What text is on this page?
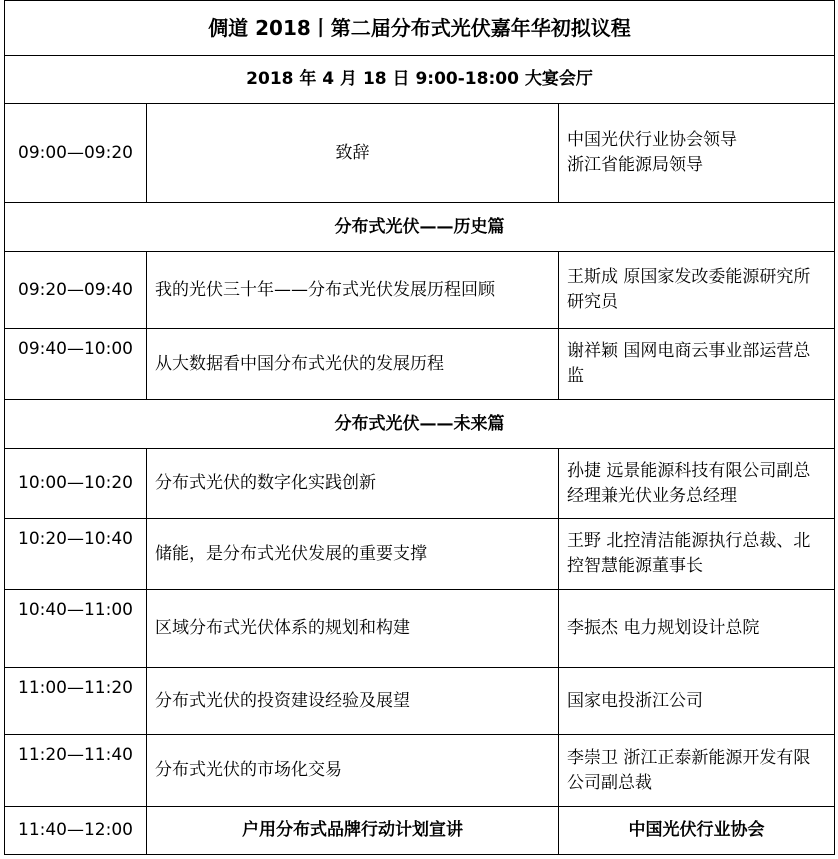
倜道 2018丨第二届分布式光伏嘉年华初拟议程		
2018 年 4 月 18 日 9:00-18:00 大宴会厅		
09:00—09:20	致辞	中国光伏行业协会领导
浙江省能源局领导

分布式光伏——历史篇		
09:20—09:40	我的光伏三十年——分布式光伏发展历程回顾	王斯成 原国家发改委能源研究所研究员
09:40—10:00	从大数据看中国分布式光伏的发展历程	谢祥颖 国网电商云事业部运营总监
分布式光伏——未来篇		
10:00—10:20	分布式光伏的数字化实践创新	孙捷 远景能源科技有限公司副总经理兼光伏业务总经理
10:20—10:40	储能，是分布式光伏发展的重要支撑	王野 北控清洁能源执行总裁、北控智慧能源董事长
10:40—11:00	区域分布式光伏体系的规划和构建	李振杰 电力规划设计总院
11:00—11:20	分布式光伏的投资建设经验及展望	国家电投浙江公司
11:20—11:40	分布式光伏的市场化交易	李崇卫 浙江正泰新能源开发有限公司副总裁
11:40—12:00	户用分布式品牌行动计划宣讲	中国光伏行业协会
